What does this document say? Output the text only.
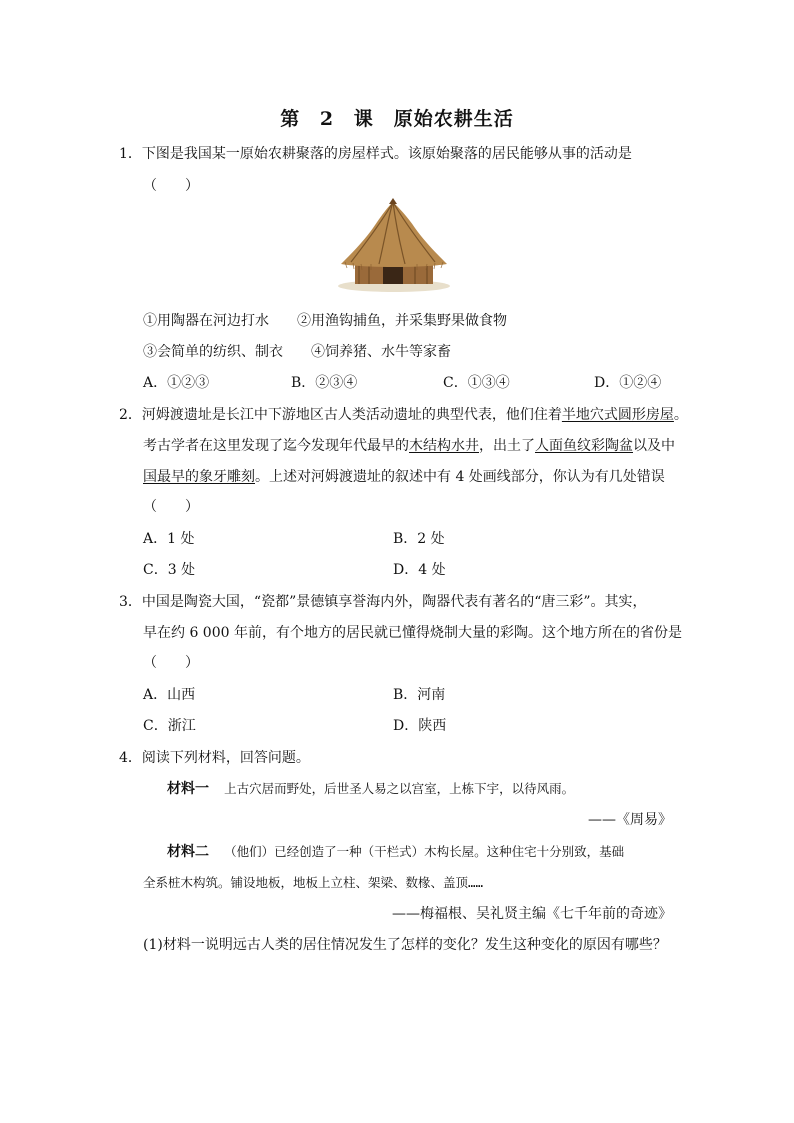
第 2 课　原始农耕生活
1．下图是我国某一原始农耕聚落的房屋样式。该原始聚落的居民能够从事的活动是
（　　）
①用陶器在河边打水　　②用渔钩捕鱼，并采集野果做食物
③会简单的纺织、制衣　　④饲养猪、水牛等家畜
A．①②③	B．②③④	C．①③④	D．①②④
2．河姆渡遗址是长江中下游地区古人类活动遗址的典型代表，他们住着半地穴式圆形房屋。
考古学者在这里发现了迄今发现年代最早的木结构水井，出土了人面鱼纹彩陶盆以及中
国最早的象牙雕刻。上述对河姆渡遗址的叙述中有 4 处画线部分，你认为有几处错误
（　　）
A．1 处	B．2 处
C．3 处	D．4 处
3．中国是陶瓷大国，“瓷都”景德镇享誉海内外，陶器代表有著名的“唐三彩”。其实，
早在约 6 000 年前，有个地方的居民就已懂得烧制大量的彩陶。这个地方所在的省份是
（　　）
A．山西	B．河南
C．浙江	D．陕西
4．阅读下列材料，回答问题。
材料一 上古穴居而野处，后世圣人易之以宫室，上栋下宇，以待风雨。
——《周易》
材料二 （他们）已经创造了一种（干栏式）木构长屋。这种住宅十分别致，基础
全系桩木构筑。铺设地板，地板上立柱、架梁、数椽、盖顶……
——梅福根、吴礼贤主编《七千年前的奇迹》
(1)材料一说明远古人类的居住情况发生了怎样的变化？发生这种变化的原因有哪些？
